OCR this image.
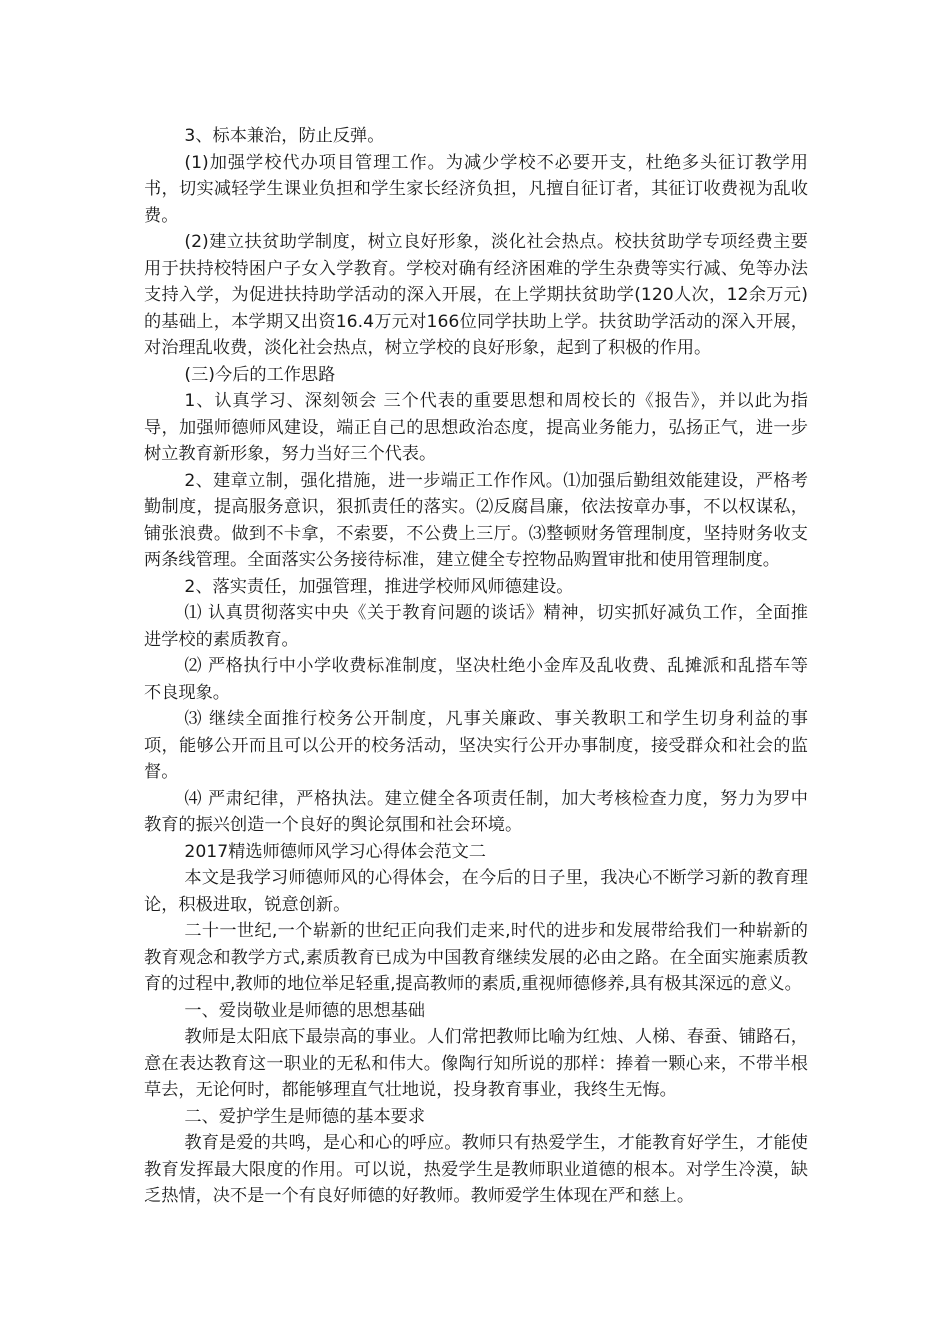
3、标本兼治，防止反弹。

(1)加强学校代办项目管理工作。为减少学校不必要开支，杜绝多头征订教学用书，切实减轻学生课业负担和学生家长经济负担，凡擅自征订者，其征订收费视为乱收费。

(2)建立扶贫助学制度，树立良好形象，淡化社会热点。校扶贫助学专项经费主要用于扶持校特困户子女入学教育。学校对确有经济困难的学生杂费等实行减、免等办法支持入学，为促进扶持助学活动的深入开展，在上学期扶贫助学(120人次，12余万元)的基础上，本学期又出资16.4万元对166位同学扶助上学。扶贫助学活动的深入开展，对治理乱收费，淡化社会热点，树立学校的良好形象，起到了积极的作用。

(三)今后的工作思路

1、认真学习、深刻领会 三个代表的重要思想和周校长的《报告》，并以此为指导，加强师德师风建设，端正自己的思想政治态度，提高业务能力，弘扬正气，进一步树立教育新形象，努力当好三个代表。

2、建章立制，强化措施，进一步端正工作作风。⑴加强后勤组效能建设，严格考勤制度，提高服务意识，狠抓责任的落实。⑵反腐昌廉，依法按章办事，不以权谋私，铺张浪费。做到不卡拿，不索要，不公费上三厅。⑶整顿财务管理制度，坚持财务收支两条线管理。全面落实公务接待标准，建立健全专控物品购置审批和使用管理制度。

2、落实责任，加强管理，推进学校师风师德建设。

⑴ 认真贯彻落实中央《关于教育问题的谈话》精神，切实抓好减负工作，全面推进学校的素质教育。

⑵ 严格执行中小学收费标准制度，坚决杜绝小金库及乱收费、乱摊派和乱搭车等不良现象。

⑶ 继续全面推行校务公开制度，凡事关廉政、事关教职工和学生切身利益的事项，能够公开而且可以公开的校务活动，坚决实行公开办事制度，接受群众和社会的监督。

⑷ 严肃纪律，严格执法。建立健全各项责任制，加大考核检查力度，努力为罗中教育的振兴创造一个良好的舆论氛围和社会环境。

2017精选师德师风学习心得体会范文二

本文是我学习师德师风的心得体会，在今后的日子里，我决心不断学习新的教育理论，积极进取，锐意创新。

二十一世纪,一个崭新的世纪正向我们走来,时代的进步和发展带给我们一种崭新的教育观念和教学方式,素质教育已成为中国教育继续发展的必由之路。在全面实施素质教育的过程中,教师的地位举足轻重,提高教师的素质,重视师德修养,具有极其深远的意义。

一、爱岗敬业是师德的思想基础

教师是太阳底下最崇高的事业。人们常把教师比喻为红烛、人梯、春蚕、铺路石，意在表达教育这一职业的无私和伟大。像陶行知所说的那样：捧着一颗心来，不带半根草去，无论何时，都能够理直气壮地说，投身教育事业，我终生无悔。

二、爱护学生是师德的基本要求

教育是爱的共鸣，是心和心的呼应。教师只有热爱学生，才能教育好学生，才能使教育发挥最大限度的作用。可以说，热爱学生是教师职业道德的根本。对学生冷漠，缺乏热情，决不是一个有良好师德的好教师。教师爱学生体现在严和慈上。
